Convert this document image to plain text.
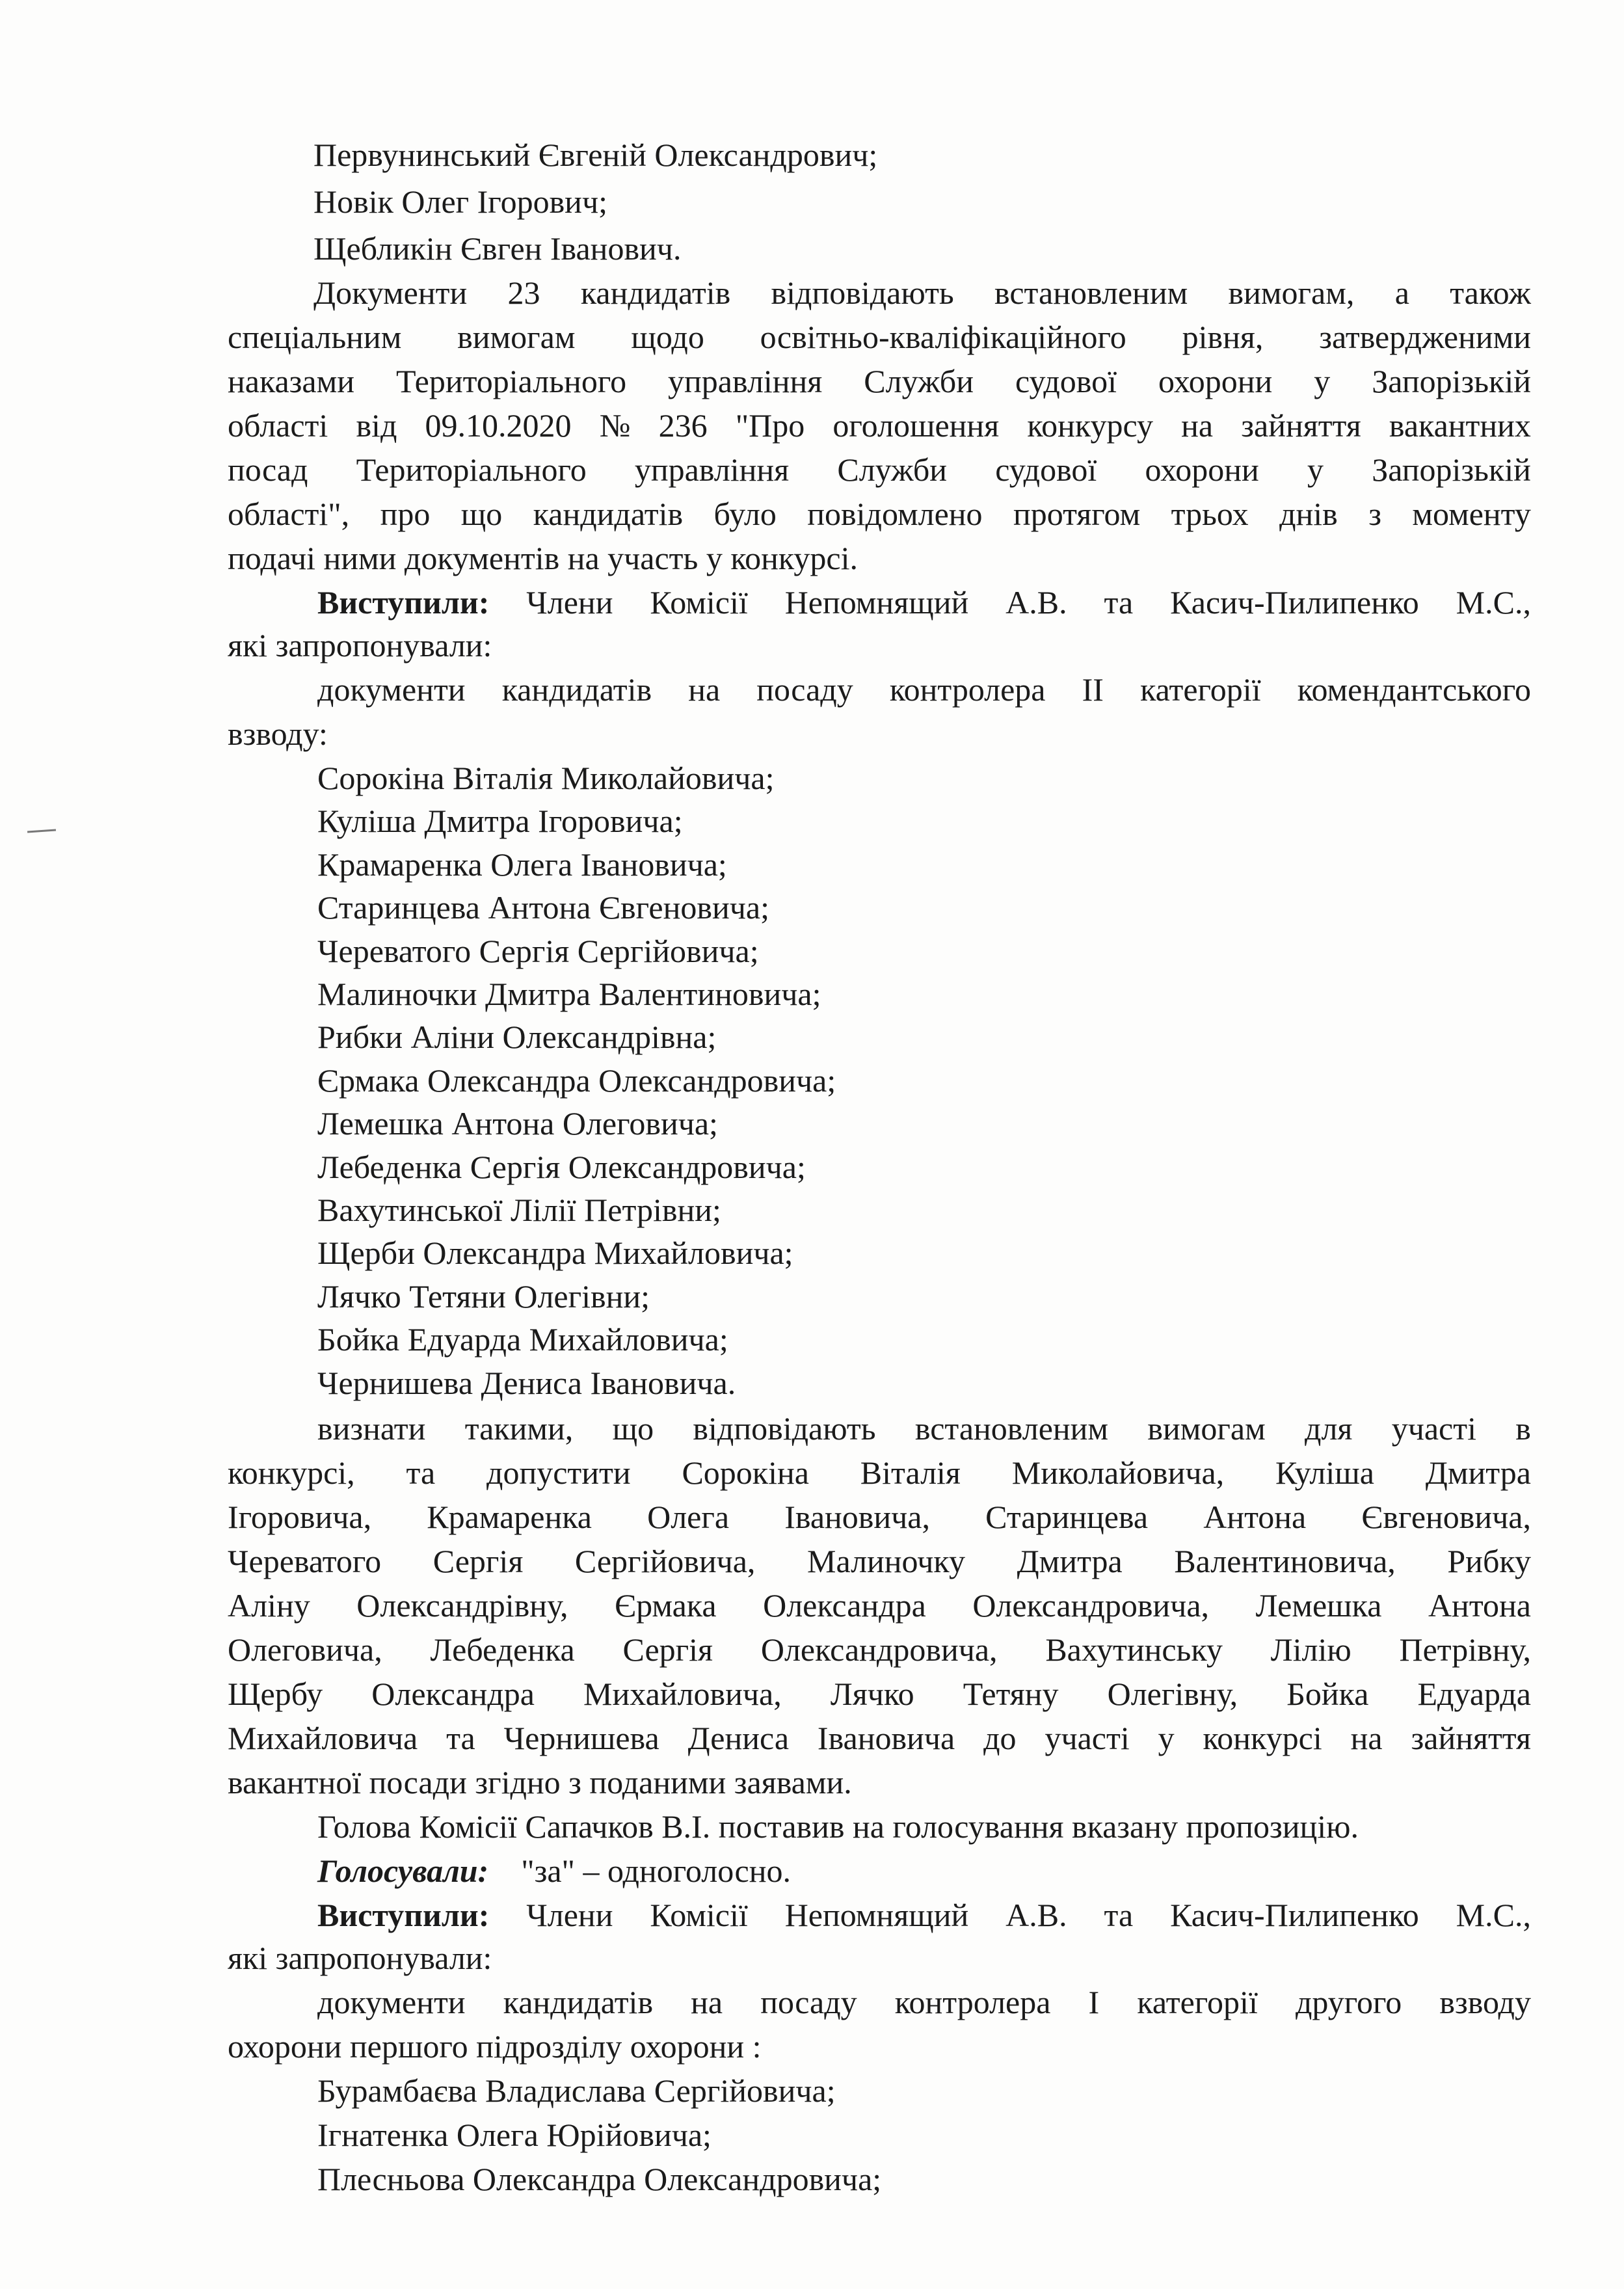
Первунинський Євгеній Олександрович;
Новік Олег Ігорович;
Щебликін Євген Іванович.
Документи 23 кандидатів відповідають встановленим вимогам, а також
спеціальним вимогам щодо освітньо-кваліфікаційного рівня, затвердженими
наказами Територіального управління Служби судової охорони у Запорізькій
області від 09.10.2020 № 236 "Про оголошення конкурсу на зайняття вакантних
посад Територіального управління Служби судової охорони у Запорізькій
області", про що кандидатів було повідомлено протягом трьох днів з моменту
подачі ними документів на участь у конкурсі.
Виступили: Члени Комісії Непомнящий А.В. та Касич-Пилипенко М.С.,
які запропонували:
документи кандидатів на посаду контролера ІІ категорії комендантського
взводу:
Сорокіна Віталія Миколайовича;
Куліша Дмитра Ігоровича;
Крамаренка Олега Івановича;
Старинцева Антона Євгеновича;
Череватого Сергія Сергійовича;
Малиночки Дмитра Валентиновича;
Рибки Аліни Олександрівна;
Єрмака Олександра Олександровича;
Лемешка Антона Олеговича;
Лебеденка Сергія Олександровича;
Вахутинської Лілії Петрівни;
Щерби Олександра Михайловича;
Лячко Тетяни Олегівни;
Бойка Едуарда Михайловича;
Чернишева Дениса Івановича.
визнати такими, що відповідають встановленим вимогам для участі в
конкурсі, та допустити Сорокіна Віталія Миколайовича, Куліша Дмитра
Ігоровича, Крамаренка Олега Івановича, Старинцева Антона Євгеновича,
Череватого Сергія Сергійовича, Малиночку Дмитра Валентиновича, Рибку
Аліну Олександрівну, Єрмака Олександра Олександровича, Лемешка Антона
Олеговича, Лебеденка Сергія Олександровича, Вахутинську Лілію Петрівну,
Щербу Олександра Михайловича, Лячко Тетяну Олегівну, Бойка Едуарда
Михайловича та Чернишева Дениса Івановича до участі у конкурсі на зайняття
вакантної посади згідно з поданими заявами.
Голова Комісії Сапачков В.І. поставив на голосування вказану пропозицію.
Голосували: "за" – одноголосно.
Виступили: Члени Комісії Непомнящий А.В. та Касич-Пилипенко М.С.,
які запропонували:
документи кандидатів на посаду контролера І категорії другого взводу
охорони першого підрозділу охорони :
Бурамбаєва Владислава Сергійовича;
Ігнатенка Олега Юрійовича;
Плесньова Олександра Олександровича;
